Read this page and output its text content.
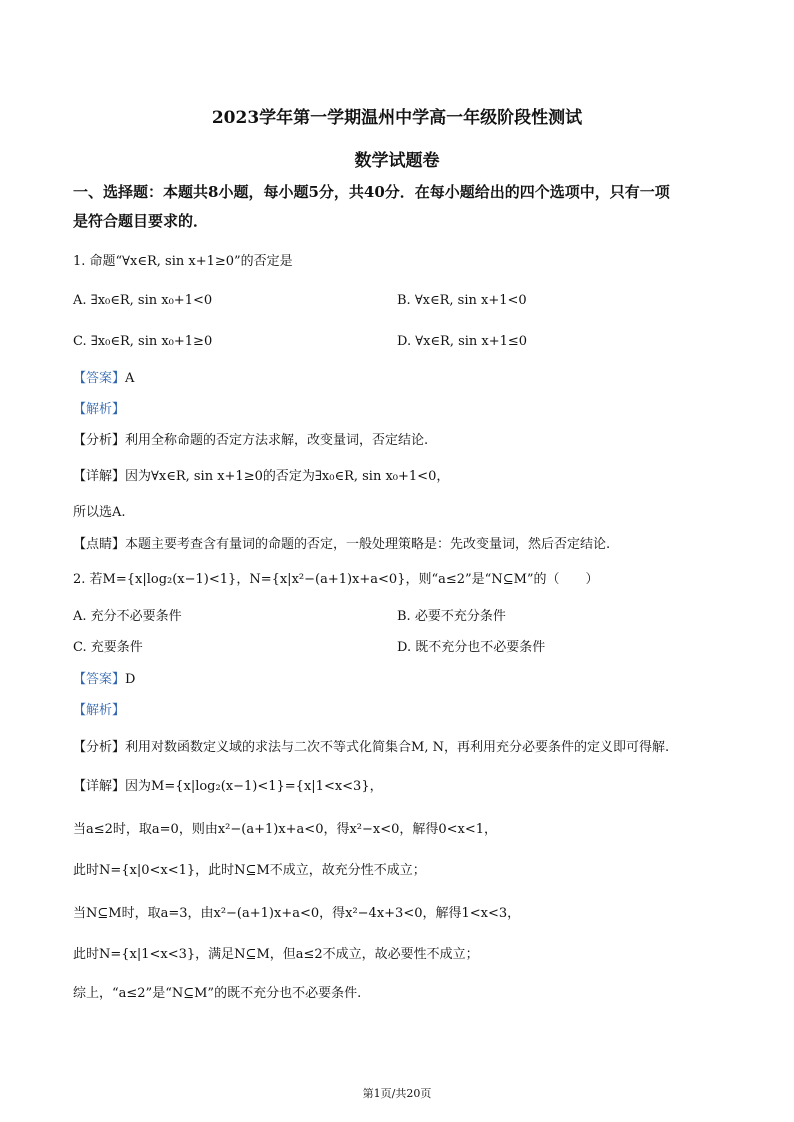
2023学年第一学期温州中学高一年级阶段性测试
数学试题卷
一、选择题：本题共8小题，每小题5分，共40分．在每小题给出的四个选项中，只有一项
是符合题目要求的．
1. 命题“∀x∈R, sin x+1≥0”的否定是
A. ∃x₀∈R, sin x₀+1<0	B. ∀x∈R, sin x+1<0
C. ∃x₀∈R, sin x₀+1≥0	D. ∀x∈R, sin x+1≤0
【答案】A
【解析】
【分析】利用全称命题的否定方法求解，改变量词，否定结论.
【详解】因为∀x∈R, sin x+1≥0的否定为∃x₀∈R, sin x₀+1<0，
所以选A.
【点睛】本题主要考查含有量词的命题的否定，一般处理策略是：先改变量词，然后否定结论.
2. 若M={x|log₂(x−1)<1}，N={x|x²−(a+1)x+a<0}，则“a≤2”是“N⊆M”的（　　）
A. 充分不必要条件	B. 必要不充分条件
C. 充要条件	D. 既不充分也不必要条件
【答案】D
【解析】
【分析】利用对数函数定义域的求法与二次不等式化简集合M, N，再利用充分必要条件的定义即可得解.
【详解】因为M={x|log₂(x−1)<1}={x|1<x<3}，
当a≤2时，取a=0，则由x²−(a+1)x+a<0，得x²−x<0，解得0<x<1，
此时N={x|0<x<1}，此时N⊆M不成立，故充分性不成立；
当N⊆M时，取a=3，由x²−(a+1)x+a<0，得x²−4x+3<0，解得1<x<3，
此时N={x|1<x<3}，满足N⊆M，但a≤2不成立，故必要性不成立；
综上，“a≤2”是“N⊆M”的既不充分也不必要条件.
第1页/共20页
